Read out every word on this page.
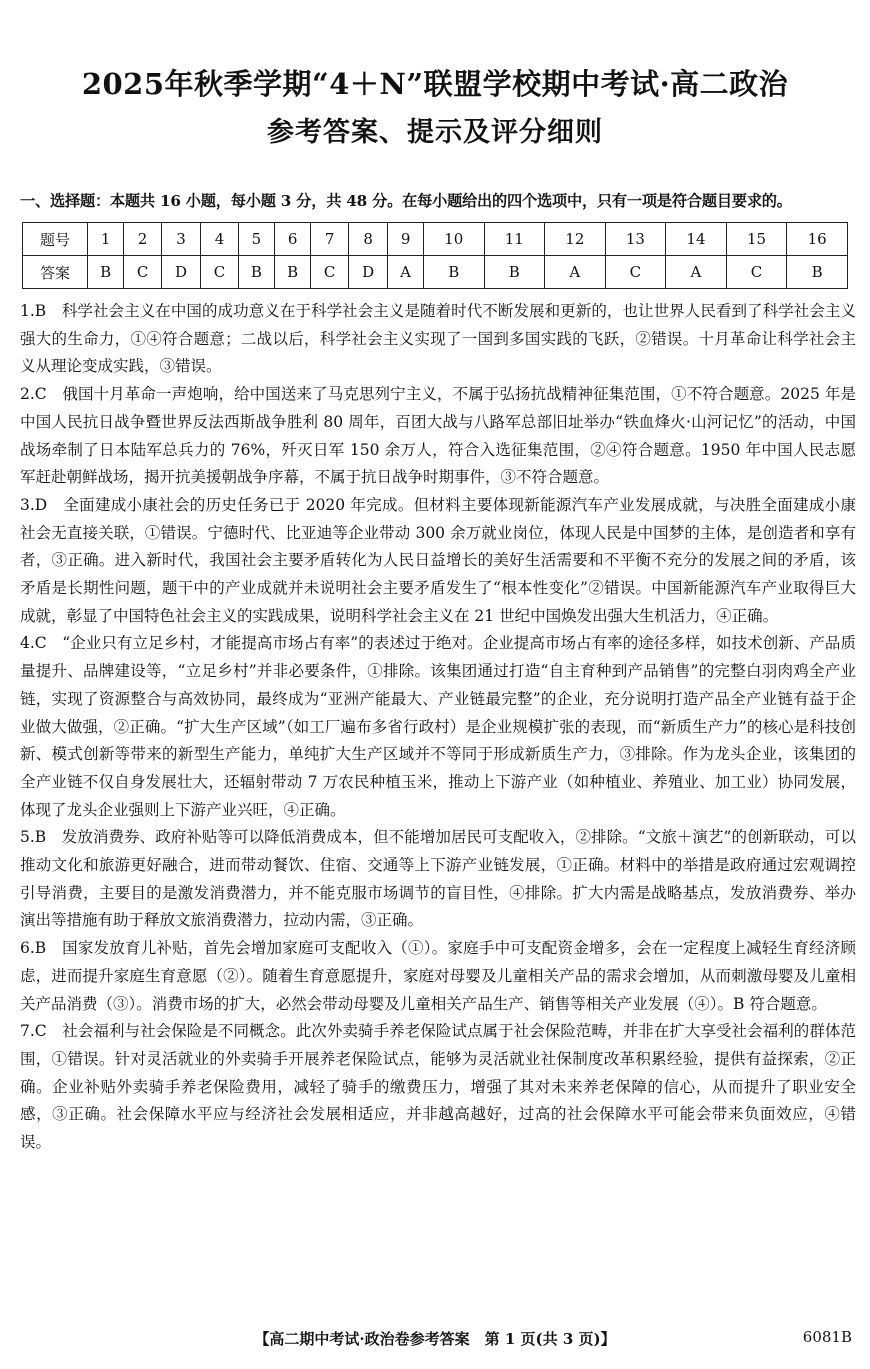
2025年秋季学期“4＋N”联盟学校期中考试·高二政治
参考答案、提示及评分细则
一、选择题：本题共 16 小题，每小题 3 分，共 48 分。在每小题给出的四个选项中，只有一项是符合题目要求的。
题号	1	2	3	4	5	6	7	8	9	10	11	12	13	14	15	16
答案	B	C	D	C	B	B	C	D	A	B	B	A	C	A	C	B

1.B　科学社会主义在中国的成功意义在于科学社会主义是随着时代不断发展和更新的，也让世界人民看到了科学社会主义强大的生命力，①④符合题意；二战以后，科学社会主义实现了一国到多国实践的飞跃，②错误。十月革命让科学社会主义从理论变成实践，③错误。

2.C　俄国十月革命一声炮响，给中国送来了马克思列宁主义，不属于弘扬抗战精神征集范围，①不符合题意。2025 年是中国人民抗日战争暨世界反法西斯战争胜利 80 周年，百团大战与八路军总部旧址举办“铁血烽火·山河记忆”的活动，中国战场牵制了日本陆军总兵力的 76%，歼灭日军 150 余万人，符合入选征集范围，②④符合题意。1950 年中国人民志愿军赶赴朝鲜战场，揭开抗美援朝战争序幕，不属于抗日战争时期事件，③不符合题意。

3.D　全面建成小康社会的历史任务已于 2020 年完成。但材料主要体现新能源汽车产业发展成就，与决胜全面建成小康社会无直接关联，①错误。宁德时代、比亚迪等企业带动 300 余万就业岗位，体现人民是中国梦的主体，是创造者和享有者，③正确。进入新时代，我国社会主要矛盾转化为人民日益增长的美好生活需要和不平衡不充分的发展之间的矛盾，该矛盾是长期性问题，题干中的产业成就并未说明社会主要矛盾发生了“根本性变化”②错误。中国新能源汽车产业取得巨大成就，彰显了中国特色社会主义的实践成果，说明科学社会主义在 21 世纪中国焕发出强大生机活力，④正确。

4.C　“企业只有立足乡村，才能提高市场占有率”的表述过于绝对。企业提高市场占有率的途径多样，如技术创新、产品质量提升、品牌建设等，“立足乡村”并非必要条件，①排除。该集团通过打造“自主育种到产品销售”的完整白羽肉鸡全产业链，实现了资源整合与高效协同，最终成为“亚洲产能最大、产业链最完整”的企业，充分说明打造产品全产业链有益于企业做大做强，②正确。“扩大生产区域”（如工厂遍布多省行政村）是企业规模扩张的表现，而“新质生产力”的核心是科技创新、模式创新等带来的新型生产能力，单纯扩大生产区域并不等同于形成新质生产力，③排除。作为龙头企业，该集团的全产业链不仅自身发展壮大，还辐射带动 7 万农民种植玉米，推动上下游产业（如种植业、养殖业、加工业）协同发展，体现了龙头企业强则上下游产业兴旺，④正确。

5.B　发放消费券、政府补贴等可以降低消费成本，但不能增加居民可支配收入，②排除。“文旅＋演艺”的创新联动，可以推动文化和旅游更好融合，进而带动餐饮、住宿、交通等上下游产业链发展，①正确。材料中的举措是政府通过宏观调控引导消费，主要目的是激发消费潜力，并不能克服市场调节的盲目性，④排除。扩大内需是战略基点，发放消费券、举办演出等措施有助于释放文旅消费潜力，拉动内需，③正确。

6.B　国家发放育儿补贴，首先会增加家庭可支配收入（①）。家庭手中可支配资金增多，会在一定程度上减轻生育经济顾虑，进而提升家庭生育意愿（②）。随着生育意愿提升，家庭对母婴及儿童相关产品的需求会增加，从而刺激母婴及儿童相关产品消费（③）。消费市场的扩大，必然会带动母婴及儿童相关产品生产、销售等相关产业发展（④）。B 符合题意。

7.C　社会福利与社会保险是不同概念。此次外卖骑手养老保险试点属于社会保险范畴，并非在扩大享受社会福利的群体范围，①错误。针对灵活就业的外卖骑手开展养老保险试点，能够为灵活就业社保制度改革积累经验，提供有益探索，②正确。企业补贴外卖骑手养老保险费用，减轻了骑手的缴费压力，增强了其对未来养老保障的信心，从而提升了职业安全感，③正确。社会保障水平应与经济社会发展相适应，并非越高越好，过高的社会保障水平可能会带来负面效应，④错误。

【高二期中考试·政治卷参考答案　第 1 页(共 3 页)】	6081B
